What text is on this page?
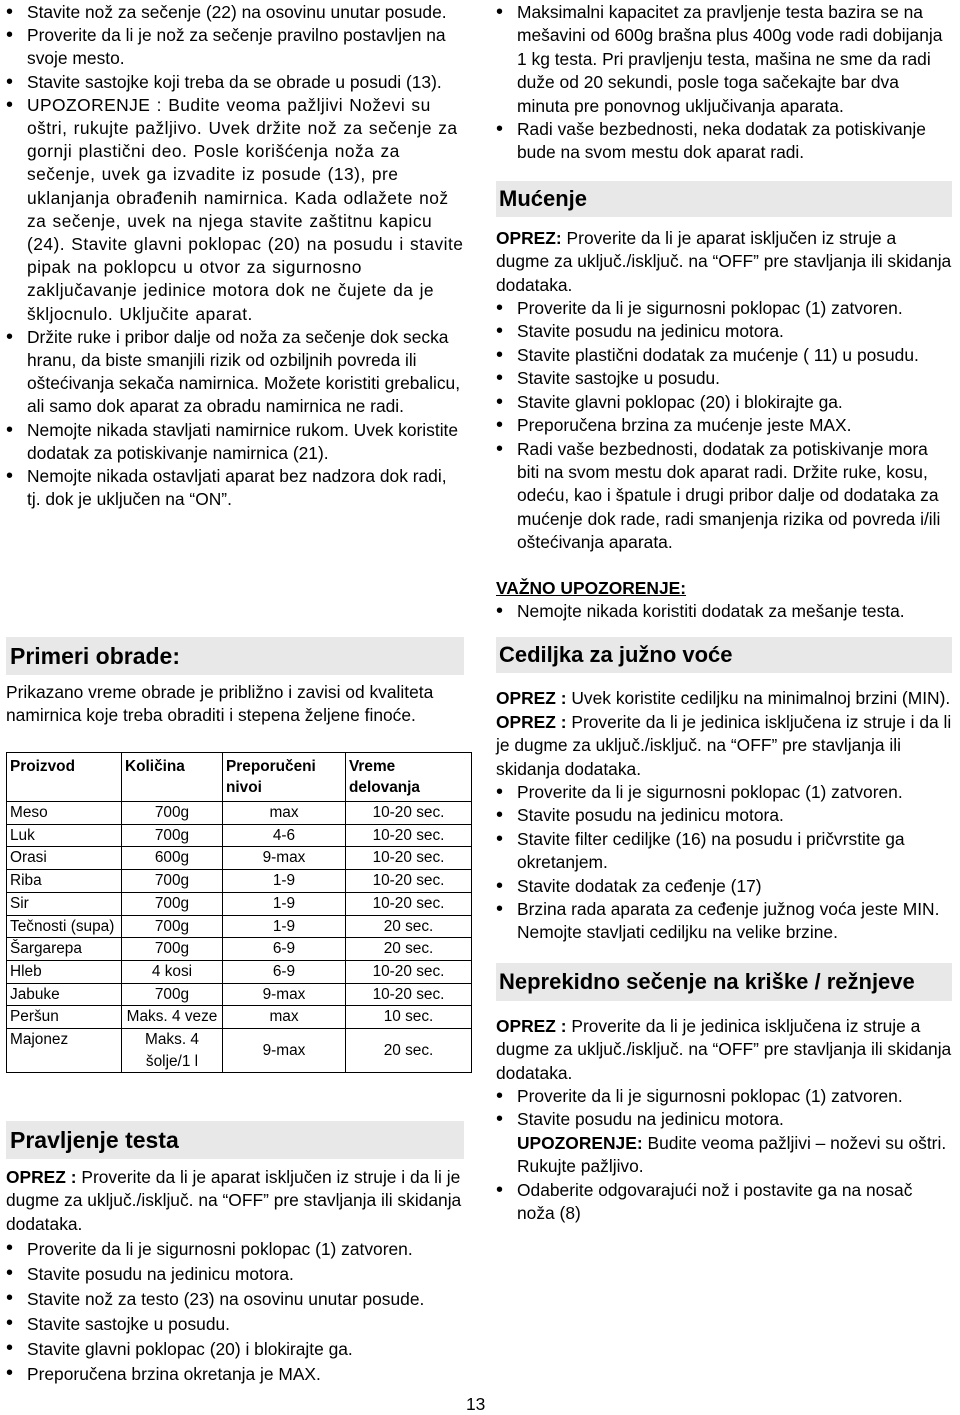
• Stavite nož za sečenje (22) na osovinu unutar posude.
• Proverite da li je nož za sečenje pravilno postavljen na svoje mesto.
• Stavite sastojke koji treba da se obrade u posudi (13).
• UPOZORENJE : Budite veoma pažljivi Noževi su oštri, rukujte pažljivo. Uvek držite nož za sečenje za gornji plastični deo. Posle korišćenja noža za sečenje, uvek ga izvadite iz posude (13), pre uklanjanja obrađenih namirnica. Kada odlažete nož za sečenje, uvek na njega stavite zaštitnu kapicu (24). Stavite glavni poklopac (20) na posudu i stavite pipak na poklopcu u otvor za sigurnosno zaključavanje jedinice motora dok ne čujete da je škljocnulo. Uključite aparat.
• Držite ruke i pribor dalje od noža za sečenje dok secka hranu, da biste smanjili rizik od ozbiljnih povreda ili oštećivanja sekača namirnica. Možete koristiti grebalicu, ali samo dok aparat za obradu namirnica ne radi.
• Nemojte nikada stavljati namirnice rukom. Uvek koristite dodatak za potiskivanje namirnica (21).
• Nemojte nikada ostavljati aparat bez nadzora dok radi, tj. dok je uključen na “ON”.
Primeri obrade:

Prikazano vreme obrade je približno i zavisi od kvaliteta namirnica koje treba obraditi i stepena željene finoće.

Pravljenje testa

OPREZ : Proverite da li je aparat isključen iz struje i da li je dugme za uključ./isključ. na “OFF” pre stavljanja ili skidanja dodataka.

• Proverite da li je sigurnosni poklopac (1) zatvoren.
• Stavite posudu na jedinicu motora.
• Stavite nož za testo (23) na osovinu unutar posude.
• Stavite sastojke u posudu.
• Stavite glavni poklopac (20) i blokirajte ga.
• Preporučena brzina okretanja je MAX.
Proizvod	Količina	Preporučeni nivoi	Vreme delovanja
Meso	700g	max	10-20 sec.
Luk	700g	4-6	10-20 sec.
Orasi	600g	9-max	10-20 sec.
Riba	700g	1-9	10-20 sec.
Sir	700g	1-9	10-20 sec.
Tečnosti (supa)	700g	1-9	20 sec.
Šargarepa	700g	6-9	20 sec.
Hleb	4 kosi	6-9	10-20 sec.
Jabuke	700g	9-max	10-20 sec.
Peršun	Maks. 4 veze	max	10 sec.
Majonez	Maks. 4 šolje/1 l	9-max	20 sec.
• Maksimalni kapacitet za pravljenje testa bazira se na mešavini od 600g brašna plus 400g vode radi dobijanja 1 kg testa. Pri pravljenju testa, mašina ne sme da radi duže od 20 sekundi, posle toga sačekajte bar dva minuta pre ponovnog uključivanja aparata.
• Radi vaše bezbednosti, neka dodatak za potiskivanje bude na svom mestu dok aparat radi.
Mućenje

OPREZ: Proverite da li je aparat isključen iz struje a dugme za uključ./isključ. na “OFF” pre stavljanja ili skidanja dodataka.

• Proverite da li je sigurnosni poklopac (1) zatvoren.
• Stavite posudu na jedinicu motora.
• Stavite plastični dodatak za mućenje ( 11) u posudu.
• Stavite sastojke u posudu.
• Stavite glavni poklopac (20) i blokirajte ga.
• Preporučena brzina za mućenje jeste MAX.
• Radi vaše bezbednosti, dodatak za potiskivanje mora biti na svom mestu dok aparat radi. Držite ruke, kosu, odeću, kao i špatule i drugi pribor dalje od dodataka za mućenje dok rade, radi smanjenja rizika od povreda i/ili oštećivanja aparata.

VAŽNO UPOZORENJE:

• Nemojte nikada koristiti dodatak za mešanje testa.
Cediljka za južno voće

OPREZ : Uvek koristite cediljku na minimalnoj brzini (MIN).

OPREZ : Proverite da li je jedinica isključena iz struje i da li je dugme za uključ./isključ. na “OFF” pre stavljanja ili skidanja dodataka.

• Proverite da li je sigurnosni poklopac (1) zatvoren.
• Stavite posudu na jedinicu motora.
• Stavite filter cediljke (16) na posudu i pričvrstite ga okretanjem.
• Stavite dodatak za ceđenje (17)
• Brzina rada aparata za ceđenje južnog voća jeste MIN. Nemojte stavljati cediljku na velike brzine.
Neprekidno sečenje na kriške / režnjeve

OPREZ : Proverite da li je jedinica isključena iz struje a dugme za uključ./isključ. na “OFF” pre stavljanja ili skidanja dodataka.

• Proverite da li je sigurnosni poklopac (1) zatvoren.
• Stavite posudu na jedinicu motora.
UPOZORENJE: Budite veoma pažljivi – noževi su oštri. Rukujte pažljivo.
• Odaberite odgovarajući nož i postavite ga na nosač noža (8)
13
